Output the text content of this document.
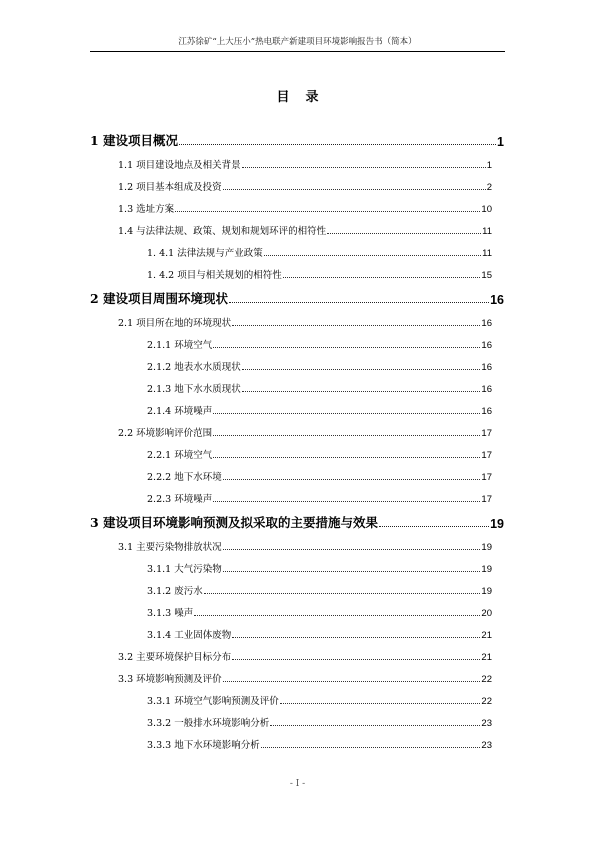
江苏徐矿“上大压小”热电联产新建项目环境影响报告书（简本）
目录
1 建设项目概况	1
1.1 项目建设地点及相关背景	1
1.2 项目基本组成及投资	2
1.3 选址方案	10
1.4 与法律法规、政策、规划和规划环评的相符性	11
1. 4.1 法律法规与产业政策	11
1. 4.2 项目与相关规划的相符性	15
2 建设项目周围环境现状	16
2.1 项目所在地的环境现状	16
2.1.1 环境空气	16
2.1.2 地表水水质现状	16
2.1.3 地下水水质现状	16
2.1.4 环境噪声	16
2.2 环境影响评价范围	17
2.2.1 环境空气	17
2.2.2 地下水环境	17
2.2.3 环境噪声	17
3 建设项目环境影响预测及拟采取的主要措施与效果	19
3.1 主要污染物排放状况	19
3.1.1 大气污染物	19
3.1.2 废污水	19
3.1.3 噪声	20
3.1.4 工业固体废物	21
3.2 主要环境保护目标分布	21
3.3 环境影响预测及评价	22
3.3.1 环境空气影响预测及评价	22
3.3.2 一般排水环境影响分析	23
3.3.3 地下水环境影响分析	23
- I -
